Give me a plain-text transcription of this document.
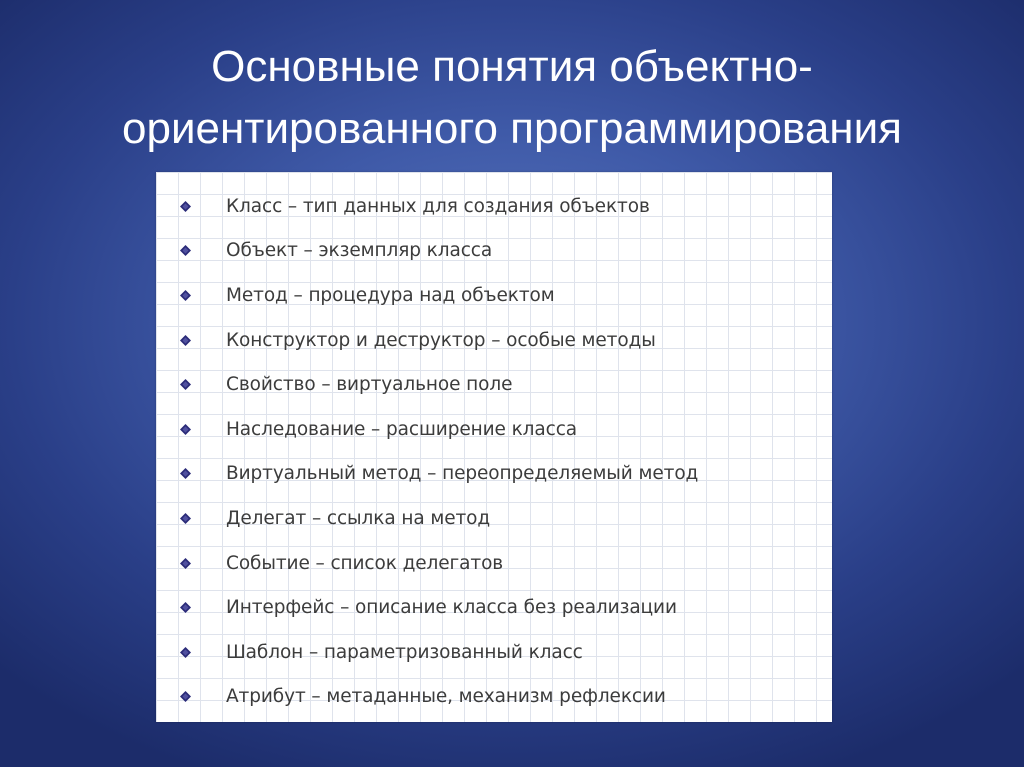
Основные понятия объектно-
ориентированного программирования
Класс – тип данных для создания объектов
Объект – экземпляр класса
Метод – процедура над объектом
Конструктор и деструктор – особые методы
Свойство – виртуальное поле
Наследование – расширение класса
Виртуальный метод – переопределяемый метод
Делегат – ссылка на метод
Событие – список делегатов
Интерфейс – описание класса без реализации
Шаблон – параметризованный класс
Атрибут – метаданные, механизм рефлексии
